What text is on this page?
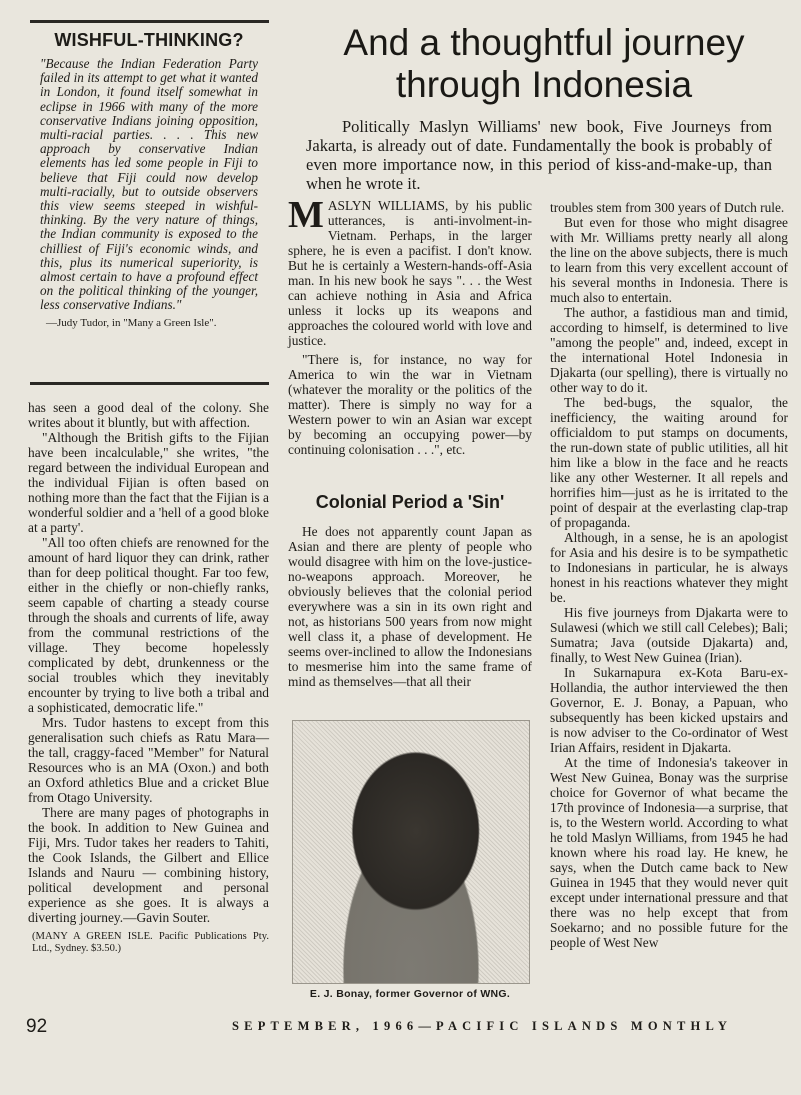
WISHFUL-THINKING?

"Because the Indian Federation Party failed in its attempt to get what it wanted in London, it found itself somewhat in eclipse in 1966 with many of the more conservative Indians joining opposition, multi-racial parties. . . . This new approach by conservative Indian elements has led some people in Fiji to believe that Fiji could now develop multi-racially, but to outside observers this view seems steeped in wishful-thinking. By the very nature of things, the Indian community is exposed to the chilliest of Fiji's economic winds, and this, plus its numerical superiority, is almost certain to have a profound effect on the political thinking of the younger, less conservative Indians."

—Judy Tudor, in "Many a Green Isle".

has seen a good deal of the colony. She writes about it bluntly, but with affection.

"Although the British gifts to the Fijian have been incalculable," she writes, "the regard between the individual European and the individual Fijian is often based on nothing more than the fact that the Fijian is a wonderful soldier and a 'hell of a good bloke at a party'.

"All too often chiefs are renowned for the amount of hard liquor they can drink, rather than for deep political thought. Far too few, either in the chiefly or non-chiefly ranks, seem capable of charting a steady course through the shoals and currents of life, away from the communal restrictions of the village. They become hopelessly complicated by debt, drunkenness or the social troubles which they inevitably encounter by trying to live both a tribal and a sophisticated, democratic life."

Mrs. Tudor hastens to except from this generalisation such chiefs as Ratu Mara—the tall, craggy-faced "Member" for Natural Resources who is an MA (Oxon.) and both an Oxford athletics Blue and a cricket Blue from Otago University.

There are many pages of photographs in the book. In addition to New Guinea and Fiji, Mrs. Tudor takes her readers to Tahiti, the Cook Islands, the Gilbert and Ellice Islands and Nauru — combining history, political development and personal experience as she goes. It is always a diverting journey.—Gavin Souter.

(MANY A GREEN ISLE. Pacific Publications Pty. Ltd., Sydney. $3.50.)

And a thoughtful journey
through Indonesia

Politically Maslyn Williams' new book, Five Journeys from Jakarta, is already out of date. Fundamentally the book is probably of even more importance now, in this period of kiss-and-make-up, than when he wrote it.

MASLYN WILLIAMS, by his public utterances, is anti-involment-in-Vietnam. Perhaps, in the larger sphere, he is even a pacifist. I don't know. But he is certainly a Western-hands-off-Asia man. In his new book he says ". . . the West can achieve nothing in Asia and Africa unless it locks up its weapons and approaches the coloured world with love and justice.

"There is, for instance, no way for America to win the war in Vietnam (whatever the morality or the politics of the matter). There is simply no way for a Western power to win an Asian war except by becoming an occupying power—by continuing colonisation . . .", etc.

Colonial Period a 'Sin'

He does not apparently count Japan as Asian and there are plenty of people who would disagree with him on the love-justice-no-weapons approach. Moreover, he obviously believes that the colonial period everywhere was a sin in its own right and not, as historians 500 years from now might well class it, a phase of development. He seems over-inclined to allow the Indonesians to mesmerise him into the same frame of mind as themselves—that all their

E. J. Bonay, former Governor of WNG.

troubles stem from 300 years of Dutch rule.

But even for those who might disagree with Mr. Williams pretty nearly all along the line on the above subjects, there is much to learn from this very excellent account of his several months in Indonesia. There is much also to entertain.

The author, a fastidious man and timid, according to himself, is determined to live "among the people" and, indeed, except in the international Hotel Indonesia in Djakarta (our spelling), there is virtually no other way to do it.

The bed-bugs, the squalor, the inefficiency, the waiting around for officialdom to put stamps on documents, the run-down state of public utilities, all hit him like a blow in the face and he reacts like any other Westerner. It all repels and horrifies him—just as he is irritated to the point of despair at the everlasting clap-trap of propaganda.

Although, in a sense, he is an apologist for Asia and his desire is to be sympathetic to Indonesians in particular, he is always honest in his reactions whatever they might be.

His five journeys from Djakarta were to Sulawesi (which we still call Celebes); Bali; Sumatra; Java (outside Djakarta) and, finally, to West New Guinea (Irian).

In Sukarnapura ex-Kota Baru-ex-Hollandia, the author interviewed the then Governor, E. J. Bonay, a Papuan, who subsequently has been kicked upstairs and is now adviser to the Co-ordinator of West Irian Affairs, resident in Djakarta.

At the time of Indonesia's takeover in West New Guinea, Bonay was the surprise choice for Governor of what became the 17th province of Indonesia—a surprise, that is, to the Western world. According to what he told Maslyn Williams, from 1945 he had known where his road lay. He knew, he says, when the Dutch came back to New Guinea in 1945 that they would never quit except under international pressure and that there was no help except that from Soekarno; and no possible future for the people of West New

92	SEPTEMBER, 1966—PACIFIC ISLANDS MONTHLY
